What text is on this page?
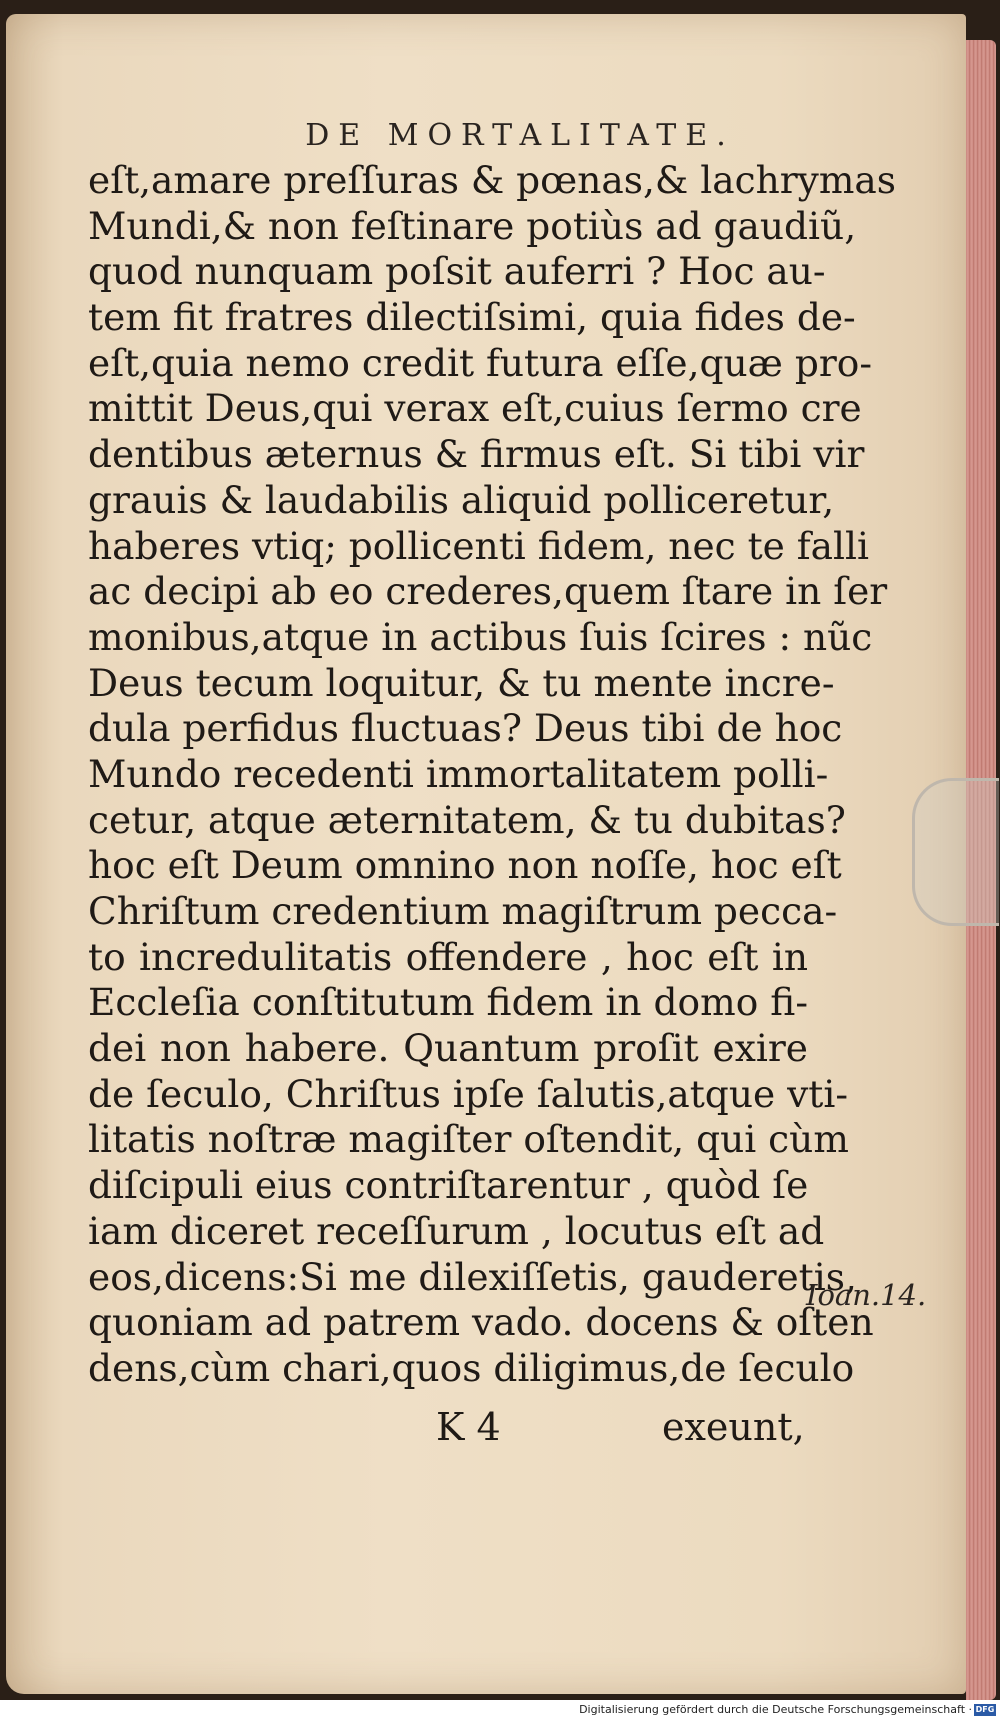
DE MORTALITATE.
eſt,amare preſſuras & pœnas,& lachrymas
Mundi,& non feſtinare potiùs ad gaudiũ,
quod nunquam poſsit auferri ? Hoc au-
tem fit fratres dilectiſsimi, quia fides de-
eſt,quia nemo credit futura eſſe,quæ pro-
mittit Deus,qui verax eſt,cuius ſermo cre
dentibus æternus & firmus eſt. Si tibi vir
grauis & laudabilis aliquid polliceretur,
haberes vtiq; pollicenti fidem, nec te falli
ac decipi ab eo crederes,quem ſtare in ſer
monibus,atque in actibus ſuis ſcires : nũc
Deus tecum loquitur, & tu mente incre-
dula perfidus fluctuas? Deus tibi de hoc
Mundo recedenti immortalitatem polli-
cetur, atque æternitatem, & tu dubitas?
hoc eſt Deum omnino non noſſe, hoc eſt
Chriſtum credentium magiſtrum pecca-
to incredulitatis offendere , hoc eſt in
Eccleſia conſtitutum fidem in domo fi-
dei non habere. Quantum proſit exire
de ſeculo, Chriſtus ipſe ſalutis,atque vti-
litatis noſtræ magiſter oſtendit, qui cùm
diſcipuli eius contriſtarentur , quòd ſe
iam diceret receſſurum , locutus eſt ad
eos,dicens:Si me dilexiſſetis, gauderetis,
quoniam ad patrem vado. docens & oſten
dens,cùm chari,quos diligimus,de ſeculo
Ioan.14.
K 4	exeunt,
Digitalisierung gefördert durch die Deutsche Forschungsgemeinschaft · DFG
